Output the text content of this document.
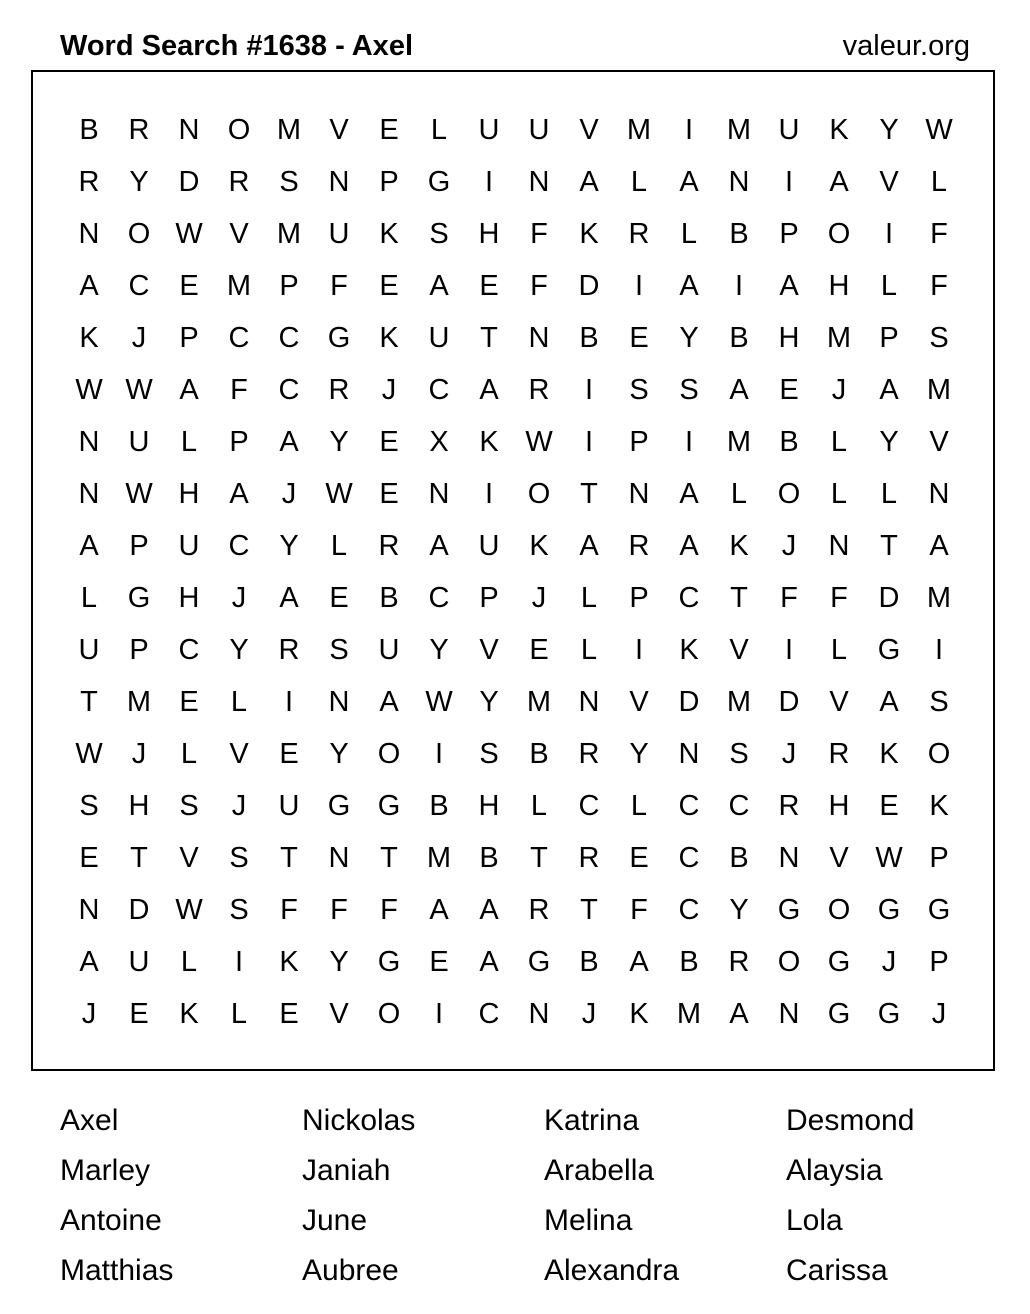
Word Search #1638 - Axel	valeur.org
B	R	N O M V	E	L	U	U	V M	I	M U	K	Y W
R	Y	D	R	S	N	P	G	I	N	A	L	A	N	I	A	V	L
N O W V M U	K	S	H	F	K	R	L	B	P	O	I	F
A	C	E M P	F	E	A	E	F	D	I	A	I	A	H	L	F
K	J	P	C	C G	K	U	T	N	B	E	Y	B	H M P	S
W W A	F	C	R	J	C	A	R	I	S	S	A	E	J	A M
N	U	L	P	A	Y	E	X	K W	I	P	I	M B	L	Y	V
N W H	A	J	W E	N	I	O	T	N	A	L	O	L	L	N
A	P	U	C	Y	L	R	A	U	K	A	R	A	K	J	N	T	A
L	G H	J	A	E	B	C	P	J	L	P	C	T	F	F	D M
U	P	C	Y	R	S	U	Y	V	E	L	I	K	V	I	L	G	I
T	M E	L	I	N	A W Y M N	V	D M D	V	A	S
W	J	L	V	E	Y	O	I	S	B	R	Y	N	S	J	R	K	O
S	H	S	J	U G G	B	H	L	C	L	C	C	R	H	E	K
E	T	V	S	T	N	T	M B	T	R	E	C	B	N	V W P
N	D W S	F	F	F	A	A	R	T	F	C	Y	G O G G
A	U	L	I	K	Y	G	E	A	G	B	A	B	R O G	J	P
J	E	K	L	E	V	O	I	C	N	J	K M A	N G G	J
Axel	Nickolas	Katrina	Desmond
Marley	Janiah	Arabella	Alaysia
Antoine	June	Melina	Lola
Matthias	Aubree	Alexandra	Carissa
